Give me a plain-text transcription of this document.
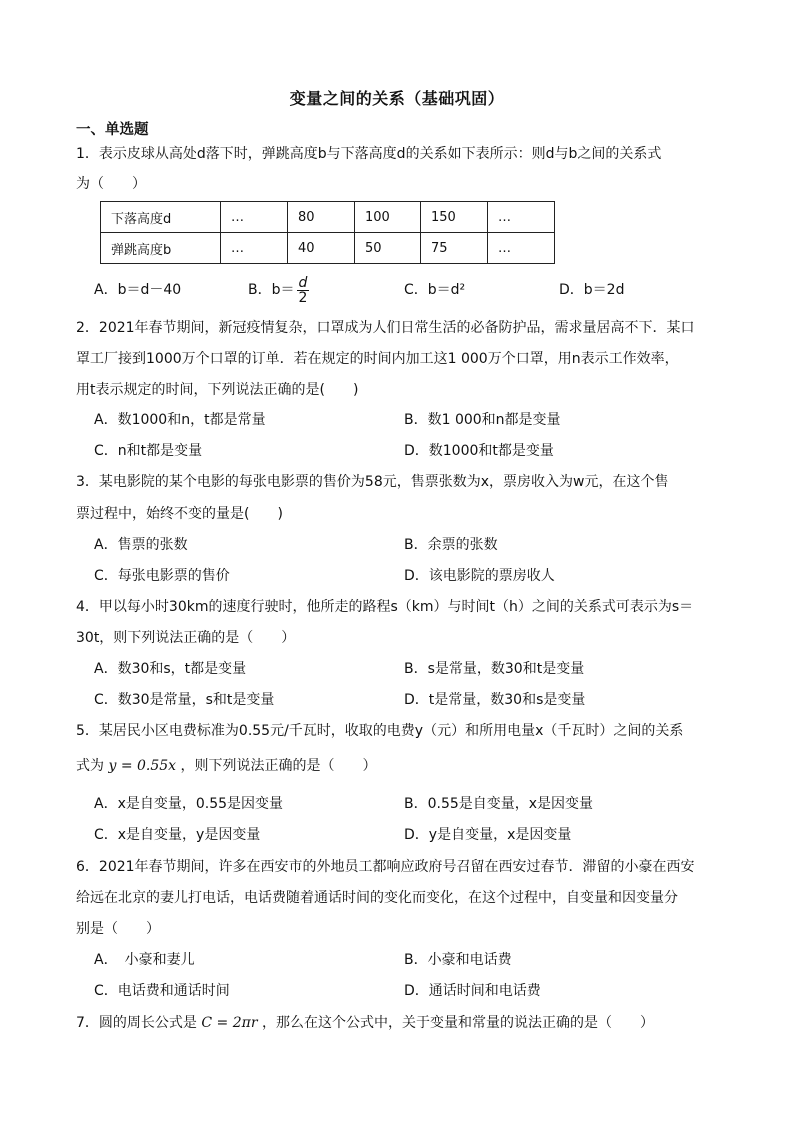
变量之间的关系（基础巩固）
一、单选题
1．表示皮球从高处d落下时，弹跳高度b与下落高度d的关系如下表所示：则d与b之间的关系式
为（　　）
下落高度d	…	80	100	150	…
弹跳高度b	…	40	50	75	…
A．b＝d－40	B．$b= \frac{d}{2}$	C．b＝d²	D．b＝2d
2．2021年春节期间，新冠疫情复杂，口罩成为人们日常生活的必备防护品，需求量居高不下．某口
罩工厂接到1000万个口罩的订单．若在规定的时间内加工这1 000万个口罩，用n表示工作效率，
用t表示规定的时间，下列说法正确的是(　　)
A．数1000和n，t都是常量	B．数1 000和n都是变量
C．n和t都是变量	D．数1000和t都是变量
3．某电影院的某个电影的每张电影票的售价为58元，售票张数为x，票房收入为w元，在这个售
票过程中，始终不变的量是(　　)
A．售票的张数	B．余票的张数
C．每张电影票的售价	D．该电影院的票房收人
4．甲以每小时30km的速度行驶时，他所走的路程s（km）与时间t（h）之间的关系式可表示为s＝
30t，则下列说法正确的是（　　）
A．数30和s，t都是变量	B．s是常量，数30和t是变量
C．数30是常量，s和t是变量	D．t是常量，数30和s是变量
5．某居民小区电费标准为0.55元/千瓦时，收取的电费y（元）和所用电量x（千瓦时）之间的关系
式为 y = 0.55x ，则下列说法正确的是（　　）
A．x是自变量，0.55是因变量	B．0.55是自变量，x是因变量
C．x是自变量，y是因变量	D．y是自变量，x是因变量
6．2021年春节期间，许多在西安市的外地员工都响应政府号召留在西安过春节．滞留的小豪在西安
给远在北京的妻儿打电话，电话费随着通话时间的变化而变化，在这个过程中，自变量和因变量分
别是（　　）
A．　小豪和妻儿	B．小豪和电话费
C．电话费和通话时间	D．通话时间和电话费
7．圆的周长公式是 C = 2πr ，那么在这个公式中，关于变量和常量的说法正确的是（　　）
